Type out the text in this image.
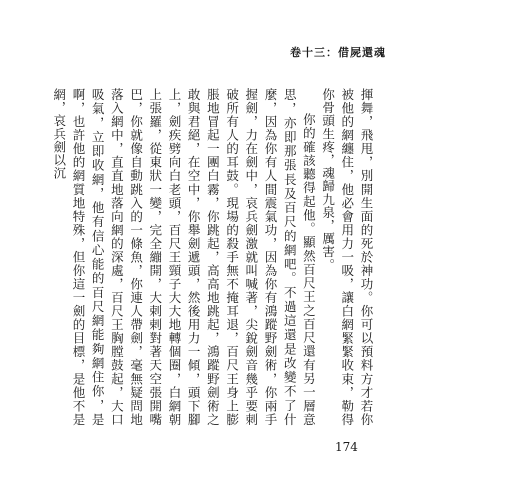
卷十三：借屍還魂

揮舞，飛甩，別開生面的死於神功。你可以預料方才若你被他的網纏住，他必會用力一吸，讓白網緊緊收束，勒得你骨頭生疼，魂歸九泉，厲害。

你的確該聽得起他。顯然百尺王之百尺還有另一層意思，亦即那張長及百尺的網吧。不過這還是改變不了什麼，因為你有人間震氣功，因為你有鴻蹤野劍術，你兩手握劍，力在劍中，哀兵劍激就叫喊著，尖銳劍音幾乎要刺破所有人的耳鼓。現場的殺手無不掩耳退，百尺王身上膨脹地冒起一團白霧，你跳起，高高地跳起，鴻蹤野劍術之敢與君絕，在空中，你舉劍遞頭，然後用力一傾，頭下腳上，劍疾劈向白老頭，百尺王頸子大大地轉個圈，白網朝上張羅，從東狀一變，完全繃開，大剌剌對著天空張開嘴巴，你就像自動跳入的一條魚，你連人帶劍，毫無疑問地落入網中，直直地落向網的深處，百尺王胸膛鼓起，大口吸氣，立即收網，他有信心能的百尺網能夠網住你，是啊，也許他的網質地特殊，但你這一劍的目標，是他不是網，哀兵劍以沉

174
